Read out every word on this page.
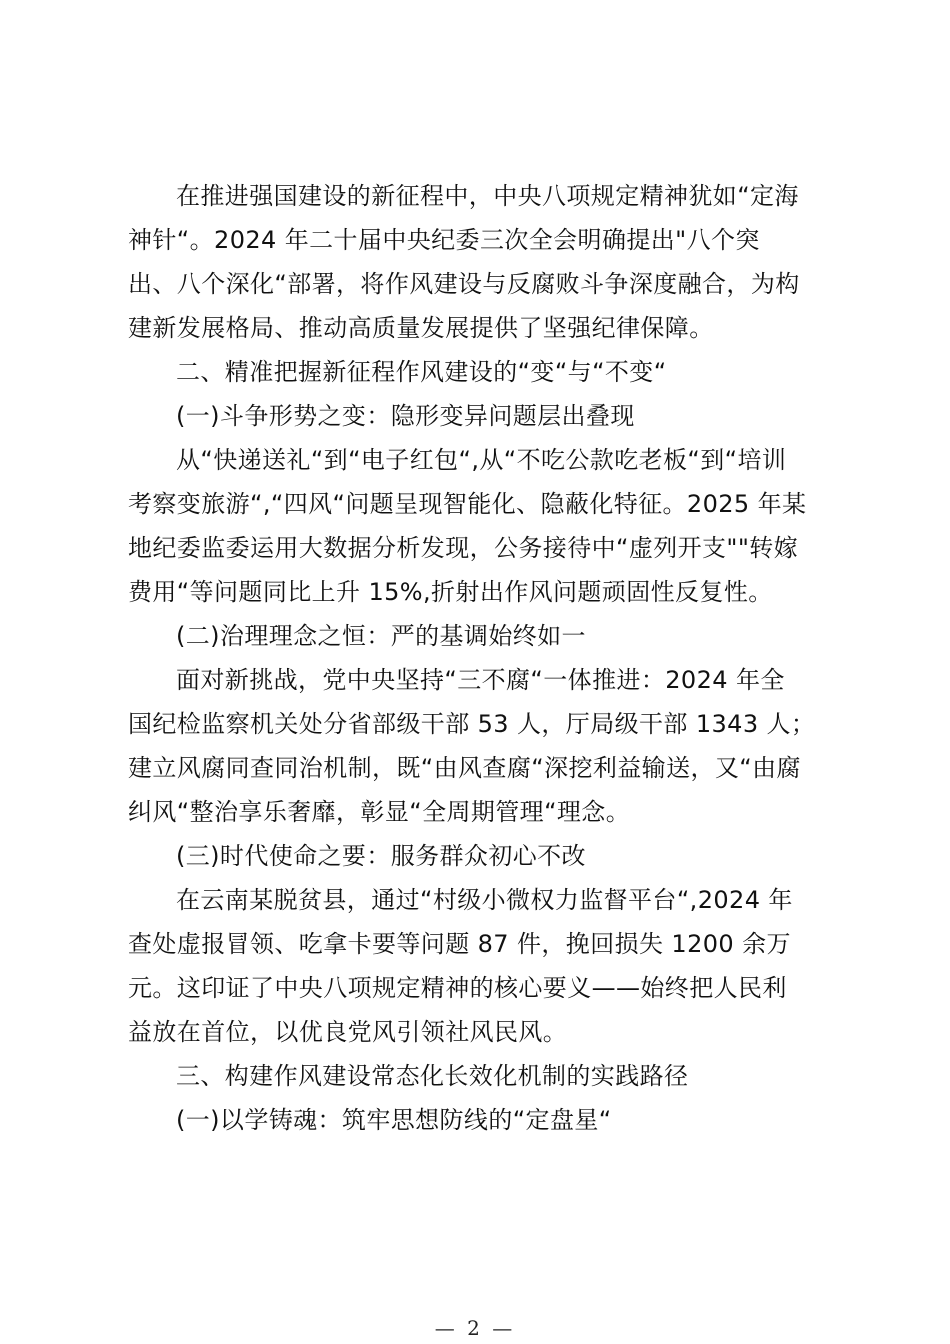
在推进强国建设的新征程中，中央八项规定精神犹如“定海
神针“。2024 年二十届中央纪委三次全会明确提出"八个突
出、八个深化“部署，将作风建设与反腐败斗争深度融合，为构
建新发展格局、推动高质量发展提供了坚强纪律保障。
二、精准把握新征程作风建设的“变“与“不变“
(一)斗争形势之变：隐形变异问题层出叠现
从“快递送礼“到“电子红包“,从“不吃公款吃老板“到“培训
考察变旅游“,“四风“问题呈现智能化、隐蔽化特征。2025 年某
地纪委监委运用大数据分析发现，公务接待中“虚列开支""转嫁
费用“等问题同比上升 15%,折射出作风问题顽固性反复性。
(二)治理理念之恒：严的基调始终如一
面对新挑战，党中央坚持“三不腐“一体推进：2024 年全
国纪检监察机关处分省部级干部 53 人，厅局级干部 1343 人；
建立风腐同查同治机制，既“由风查腐“深挖利益输送，又“由腐
纠风“整治享乐奢靡，彰显“全周期管理“理念。
(三)时代使命之要：服务群众初心不改
在云南某脱贫县，通过“村级小微权力监督平台“,2024 年
查处虚报冒领、吃拿卡要等问题 87 件，挽回损失 1200 余万
元。这印证了中央八项规定精神的核心要义——始终把人民利
益放在首位，以优良党风引领社风民风。
三、构建作风建设常态化长效化机制的实践路径
(一)以学铸魂：筑牢思想防线的“定盘星“
— 2 —
